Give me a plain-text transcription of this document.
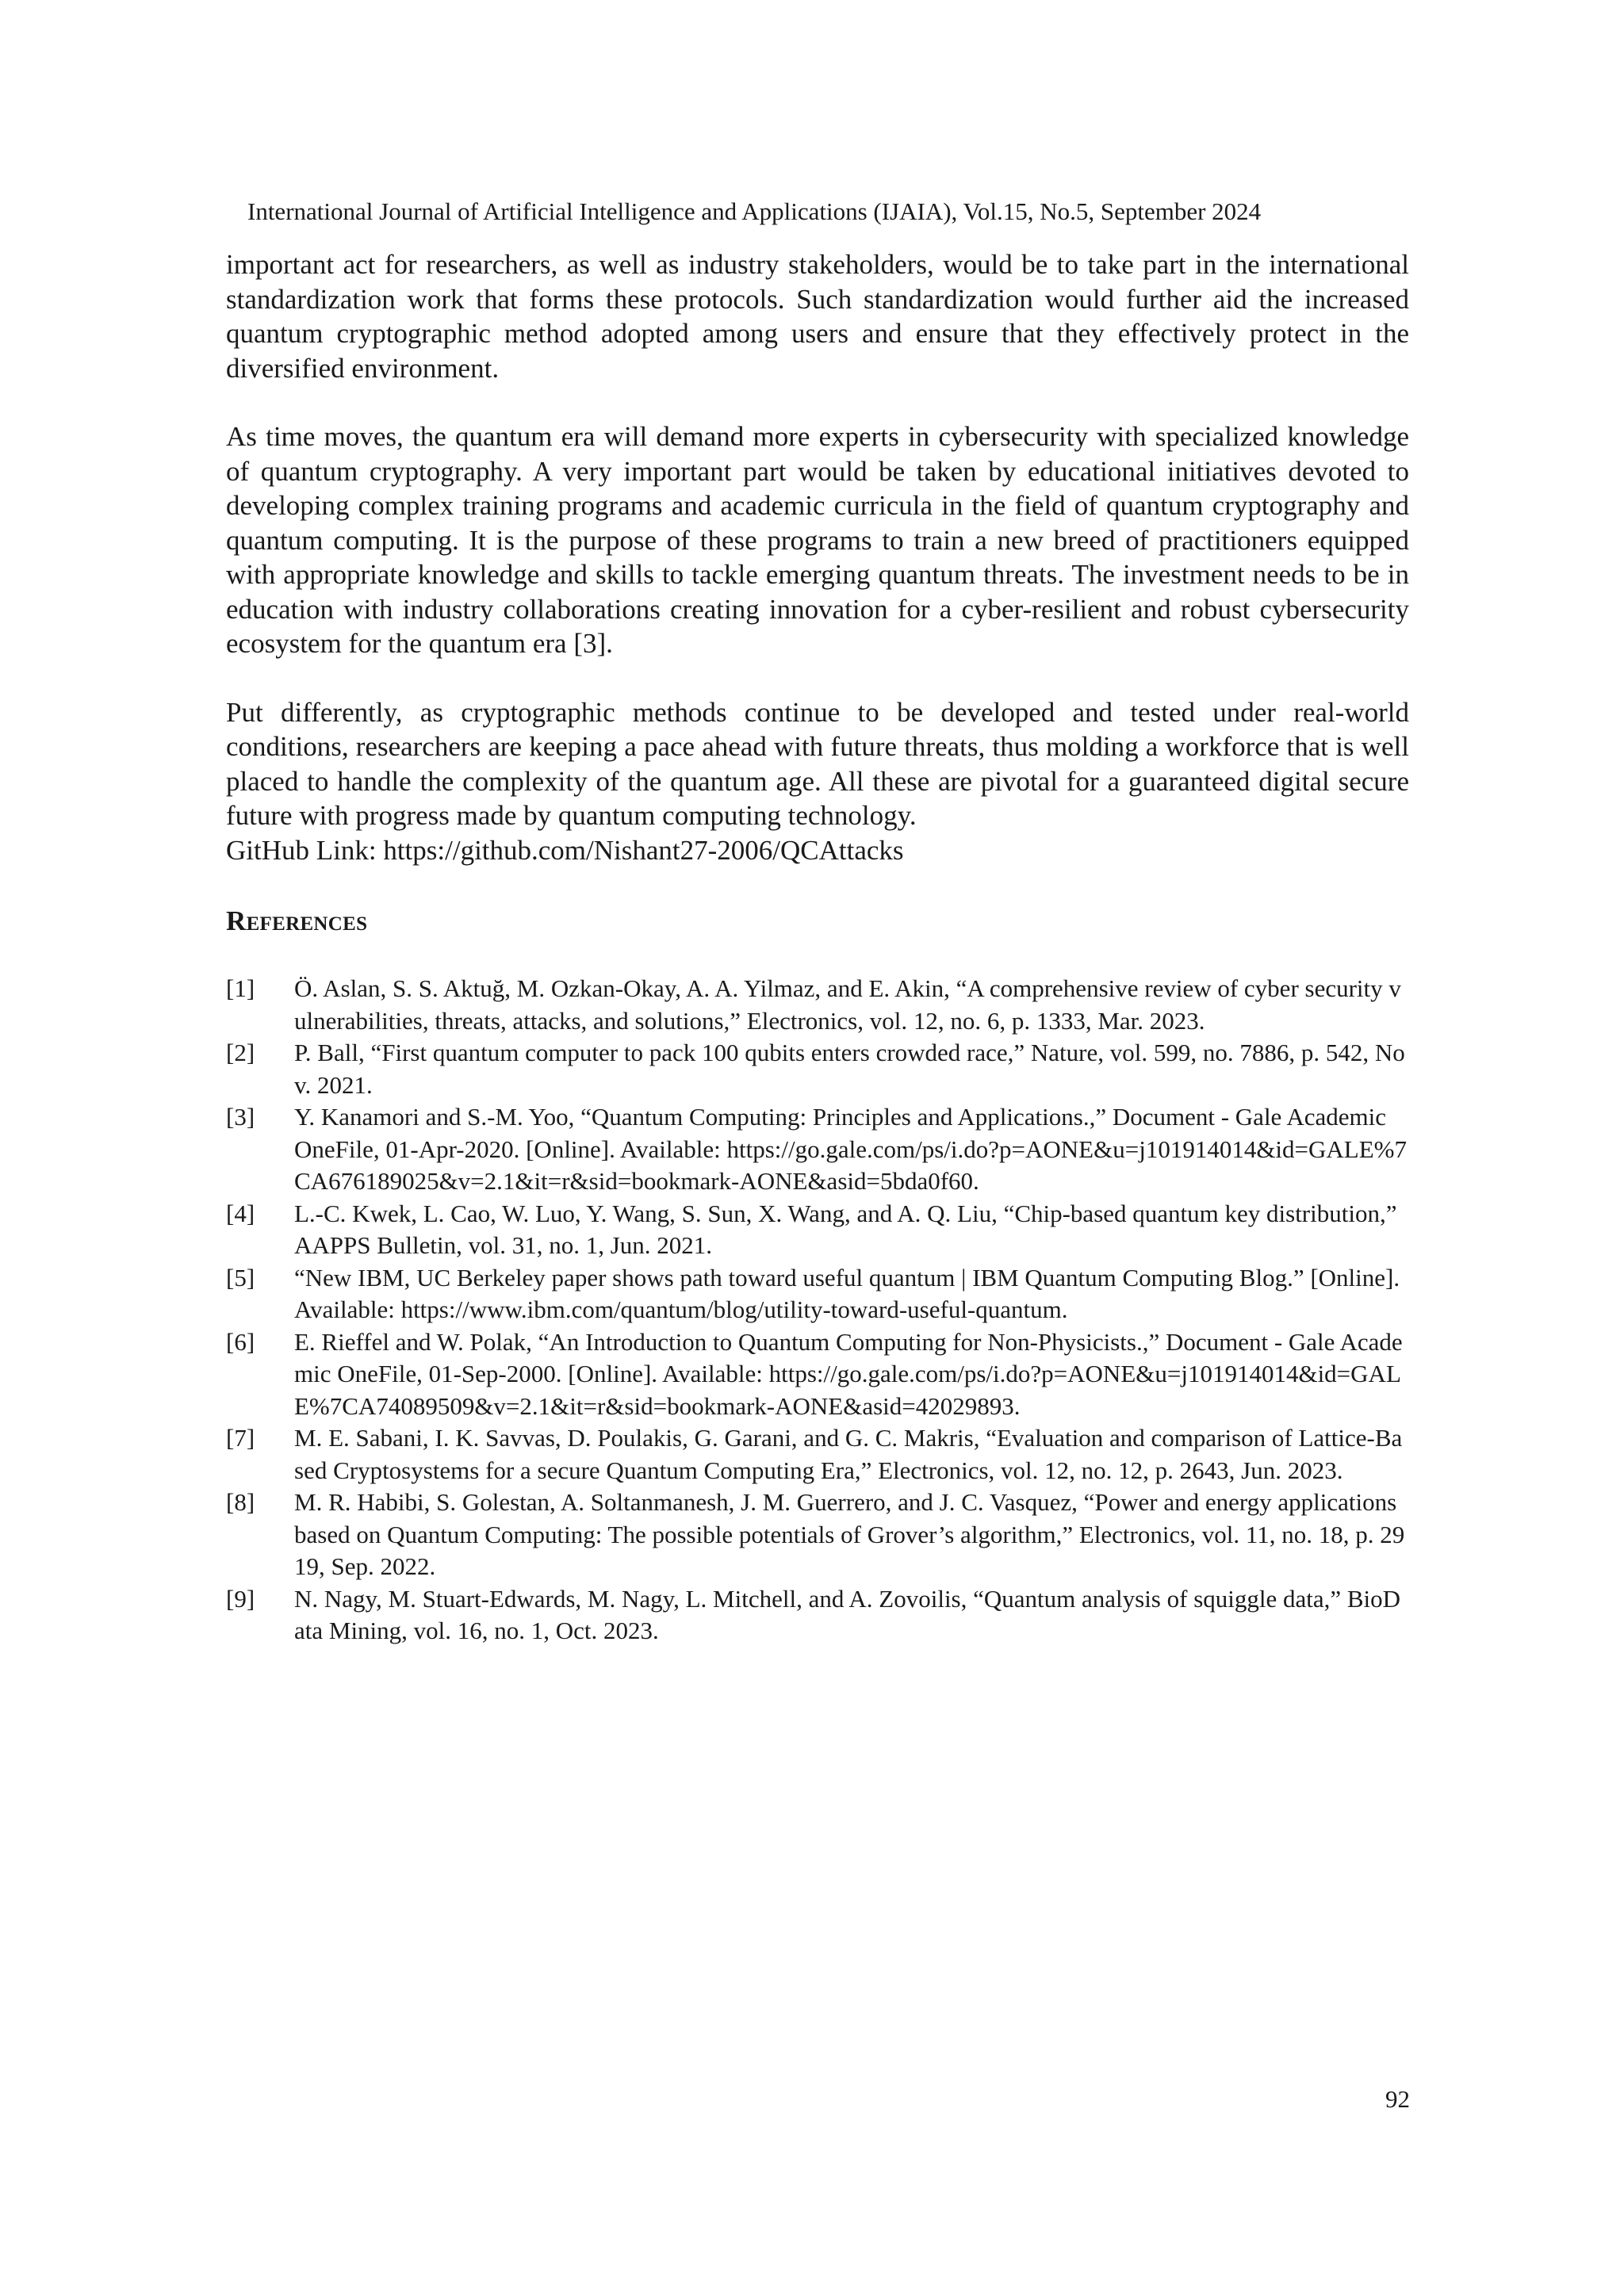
International Journal of Artificial Intelligence and Applications (IJAIA), Vol.15, No.5, September 2024

important act for researchers, as well as industry stakeholders, would be to take part in the international standardization work that forms these protocols. Such standardization would further aid the increased quantum cryptographic method adopted among users and ensure that they effectively protect in the diversified environment.

As time moves, the quantum era will demand more experts in cybersecurity with specialized knowledge of quantum cryptography. A very important part would be taken by educational initiatives devoted to developing complex training programs and academic curricula in the field of quantum cryptography and quantum computing. It is the purpose of these programs to train a new breed of practitioners equipped with appropriate knowledge and skills to tackle emerging quantum threats. The investment needs to be in education with industry collaborations creating innovation for a cyber-resilient and robust cybersecurity ecosystem for the quantum era [3].

Put differently, as cryptographic methods continue to be developed and tested under real-world conditions, researchers are keeping a pace ahead with future threats, thus molding a workforce that is well placed to handle the complexity of the quantum age. All these are pivotal for a guaranteed digital secure future with progress made by quantum computing technology.

GitHub Link: https://github.com/Nishant27-2006/QCAttacks

References
[1]	Ö. Aslan, S. S. Aktuğ, M. Ozkan-Okay, A. A. Yilmaz, and E. Akin, “A comprehensive review of cyber security vulnerabilities, threats, attacks, and solutions,” Electronics, vol. 12, no. 6, p. 1333, Mar. 2023.
[2]	P. Ball, “First quantum computer to pack 100 qubits enters crowded race,” Nature, vol. 599, no. 7886, p. 542, Nov. 2021.
[3]	Y. Kanamori and S.-M. Yoo, “Quantum Computing: Principles and Applications.,” Document - Gale Academic OneFile, 01-Apr-2020. [Online]. Available: https://go.gale.com/ps/i.do?p=AONE&u=j101914014&id=GALE%7CA676189025&v=2.1&it=r&sid=bookmark-AONE&asid=5bda0f60.
[4]	L.-C. Kwek, L. Cao, W. Luo, Y. Wang, S. Sun, X. Wang, and A. Q. Liu, “Chip-based quantum key distribution,” AAPPS Bulletin, vol. 31, no. 1, Jun. 2021.
[5]	“New IBM, UC Berkeley paper shows path toward useful quantum | IBM Quantum Computing Blog.” [Online]. Available: https://www.ibm.com/quantum/blog/utility-toward-useful-quantum.
[6]	E. Rieffel and W. Polak, “An Introduction to Quantum Computing for Non-Physicists.,” Document - Gale Academic OneFile, 01-Sep-2000. [Online]. Available: https://go.gale.com/ps/i.do?p=AONE&u=j101914014&id=GALE%7CA74089509&v=2.1&it=r&sid=bookmark-AONE&asid=42029893.
[7]	M. E. Sabani, I. K. Savvas, D. Poulakis, G. Garani, and G. C. Makris, “Evaluation and comparison of Lattice-Based Cryptosystems for a secure Quantum Computing Era,” Electronics, vol. 12, no. 12, p. 2643, Jun. 2023.
[8]	M. R. Habibi, S. Golestan, A. Soltanmanesh, J. M. Guerrero, and J. C. Vasquez, “Power and energy applications based on Quantum Computing: The possible potentials of Grover’s algorithm,” Electronics, vol. 11, no. 18, p. 2919, Sep. 2022.
[9]	N. Nagy, M. Stuart-Edwards, M. Nagy, L. Mitchell, and A. Zovoilis, “Quantum analysis of squiggle data,” BioData Mining, vol. 16, no. 1, Oct. 2023.
92
